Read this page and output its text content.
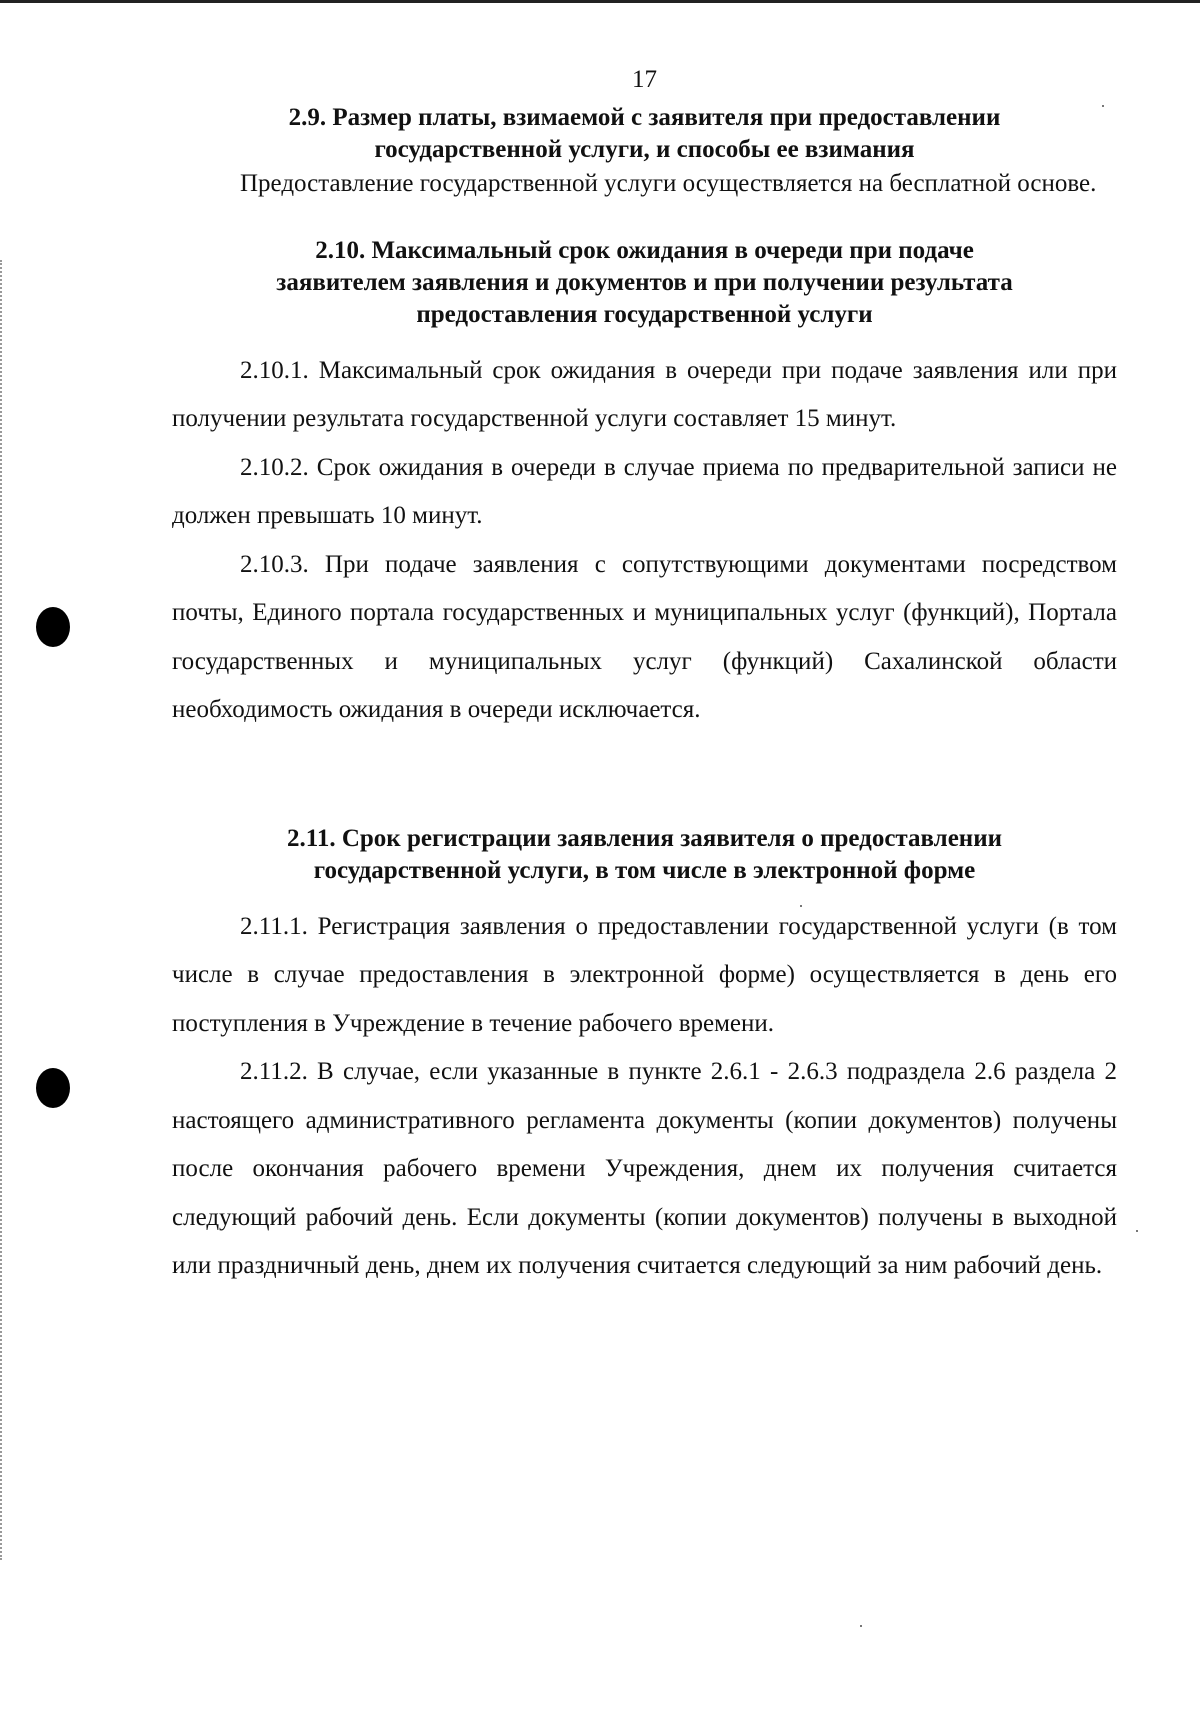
17
2.9. Размер платы, взимаемой с заявителя при предоставлении
государственной услуги, и способы ее взимания

Предоставление государственной услуги осуществляется на бесплатной основе.

2.10. Максимальный срок ожидания в очереди при подаче
заявителем заявления и документов и при получении результата
предоставления государственной услуги

2.10.1. Максимальный срок ожидания в очереди при подаче заявления или при получении результата государственной услуги составляет 15 минут.

2.10.2. Срок ожидания в очереди в случае приема по предварительной записи не должен превышать 10 минут.

2.10.3. При подаче заявления с сопутствующими документами посредством почты, Единого портала государственных и муниципальных услуг (функций), Портала государственных и муниципальных услуг (функций) Сахалинской области необходимость ожидания в очереди исключается.

2.11. Срок регистрации заявления заявителя о предоставлении
государственной услуги, в том числе в электронной форме

2.11.1. Регистрация заявления о предоставлении государственной услуги (в том числе в случае предоставления в электронной форме) осуществляется в день его поступления в Учреждение в течение рабочего времени.

2.11.2. В случае, если указанные в пункте 2.6.1 - 2.6.3 подраздела 2.6 раздела 2 настоящего административного регламента документы (копии документов) получены после окончания рабочего времени Учреждения, днем их получения считается следующий рабочий день. Если документы (копии документов) получены в выходной или праздничный день, днем их получения считается следующий за ним рабочий день.
